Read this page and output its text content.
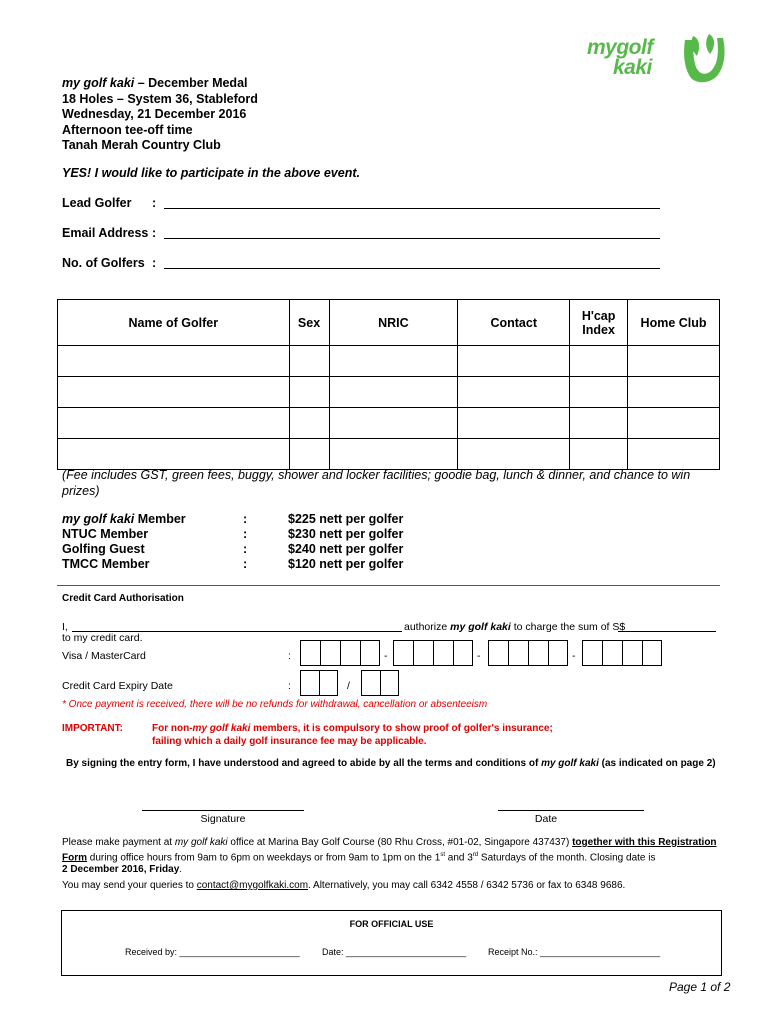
mygolf
kaki
my golf kaki – December Medal
18 Holes – System 36, Stableford
Wednesday, 21 December 2016
Afternoon tee-off time
Tanah Merah Country Club
YES! I would like to participate in the above event.
Lead Golfer :
Email Address :
No. of Golfers :
Name of Golfer	Sex	NRIC	Contact	H'cap Index	Home Club

(Fee includes GST, green fees, buggy, shower and locker facilities; goodie bag, lunch & dinner, and chance to win prizes)
my golf kaki Member	:	$225 nett per golfer
NTUC Member	:	$230 nett per golfer
Golfing Guest	:	$240 nett per golfer
TMCC Member	:	$120 nett per golfer
Credit Card Authorisation
I,	authorize my golf kaki to charge the sum of S$
to my credit card.
Visa / MasterCard	:	-	-	-
Credit Card Expiry Date	:	/
* Once payment is received, there will be no refunds for withdrawal, cancellation or absenteeism
IMPORTANT:	For non-my golf kaki members, it is compulsory to show proof of golfer's insurance;
failing which a daily golf insurance fee may be applicable.
By signing the entry form, I have understood and agreed to abide by all the terms and conditions of my golf kaki (as indicated on page 2)
Signature	Date
Please make payment at my golf kaki office at Marina Bay Golf Course (80 Rhu Cross, #01-02, Singapore 437437) together with this Registration Form during office hours from 9am to 6pm on weekdays or from 9am to 1pm on the 1st and 3rd Saturdays of the month. Closing date is
2 December 2016, Friday.
You may send your queries to contact@mygolfkaki.com. Alternatively, you may call 6342 4558 / 6342 5736 or fax to 6348 9686.
FOR OFFICIAL USE
Received by: ________________________ Date: ________________________ Receipt No.: ________________________
Page 1 of 2
